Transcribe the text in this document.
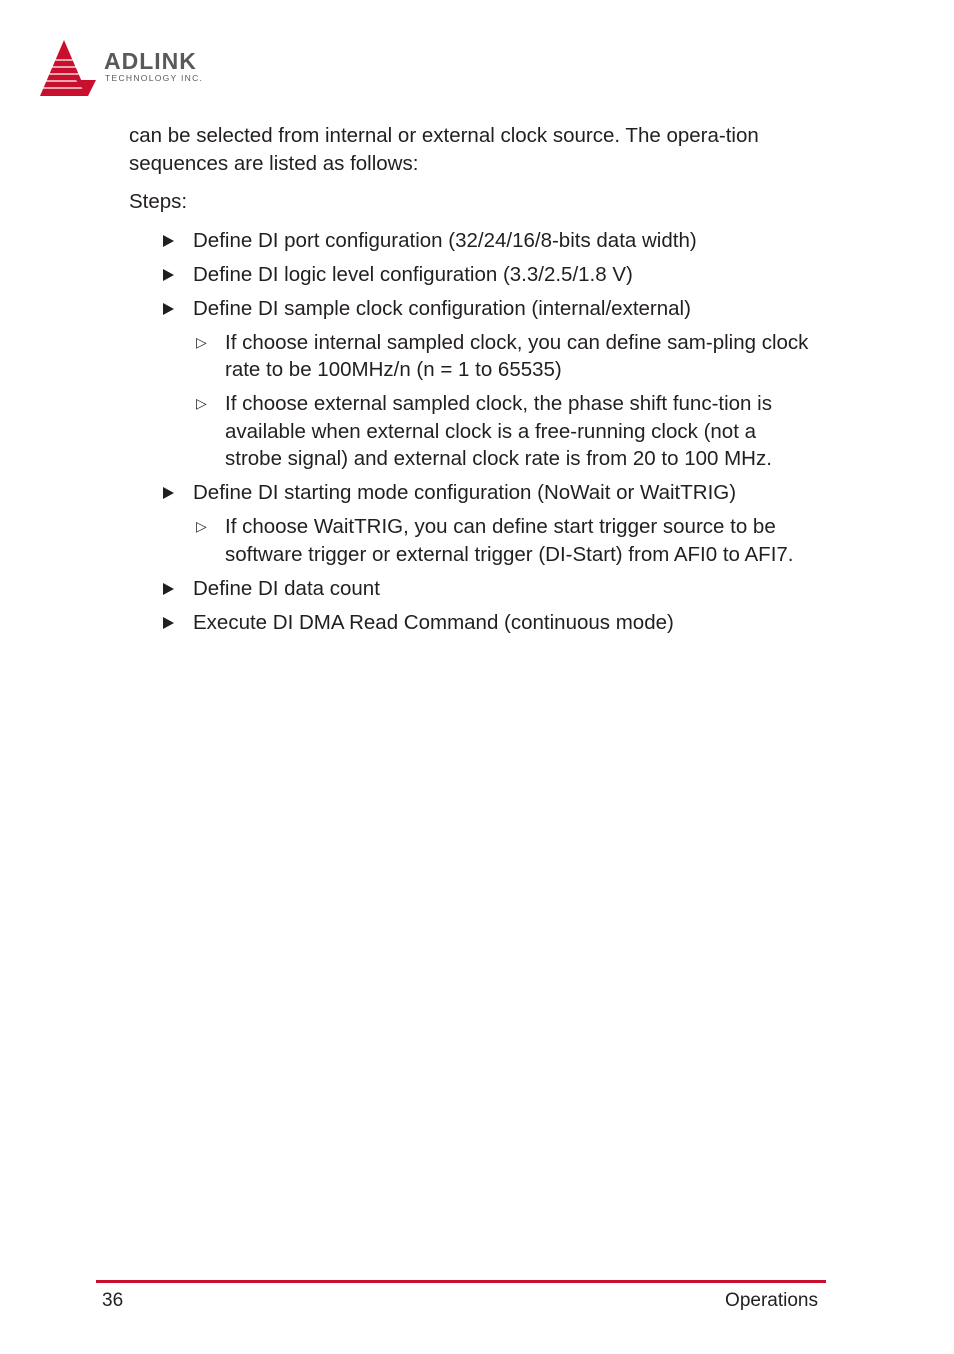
ADLINK
TECHNOLOGY INC.

can be selected from internal or external clock source. The opera-tion sequences are listed as follows:

Steps:

Define DI port configuration (32/24/16/8-bits data width)
Define DI logic level configuration (3.3/2.5/1.8 V)
Define DI sample clock configuration (internal/external)
▷ If choose internal sampled clock, you can define sam-pling clock rate to be 100MHz/n (n = 1 to 65535)
▷ If choose external sampled clock, the phase shift func-tion is available when external clock is a free-running clock (not a strobe signal) and external clock rate is from 20 to 100 MHz.
Define DI starting mode configuration (NoWait or WaitTRIG)
▷ If choose WaitTRIG, you can define start trigger source to be software trigger or external trigger (DI-Start) from AFI0 to AFI7.
Define DI data count
Execute DI DMA Read Command (continuous mode)
36	Operations
